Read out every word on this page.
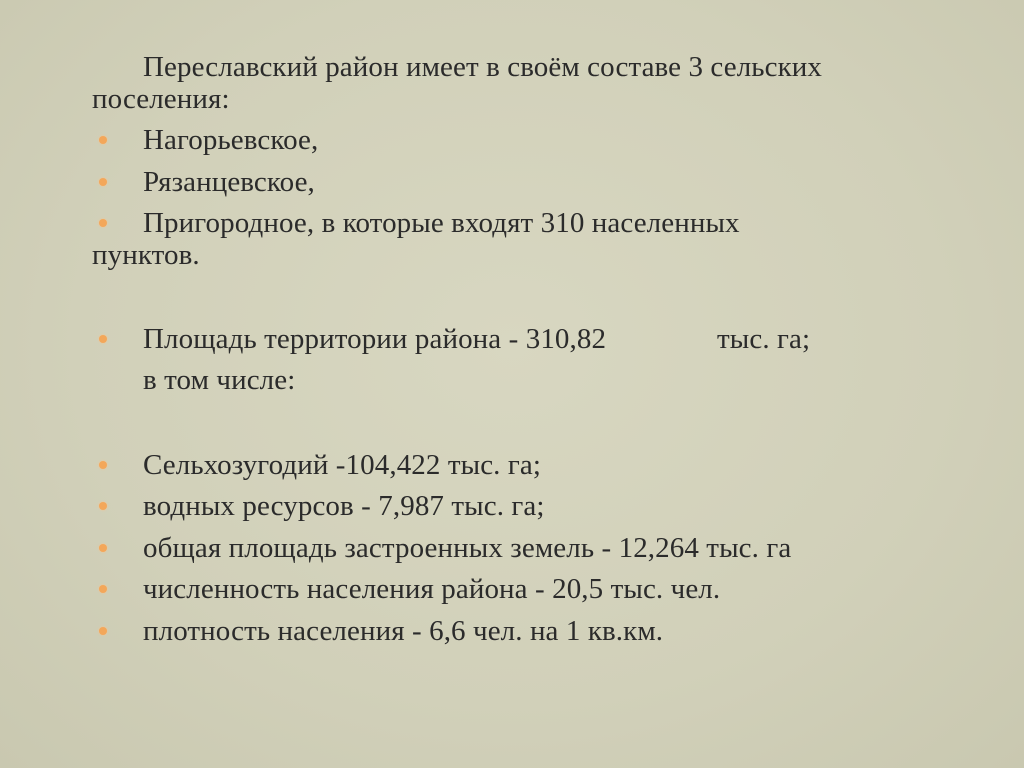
Переславский район имеет в своём составе 3 сельских
поселения:
Нагорьевское,
Рязанцевское,
Пригородное, в которые входят 310 населенных
пунктов.
Площадь территории района - 310,82	тыс. га;
в том числе:
Сельхозугодий -104,422 тыс. га;
водных ресурсов - 7,987 тыс. га;
общая площадь застроенных земель - 12,264 тыс. га
численность населения района - 20,5 тыс. чел.
плотность населения - 6,6 чел. на 1 кв.км.
